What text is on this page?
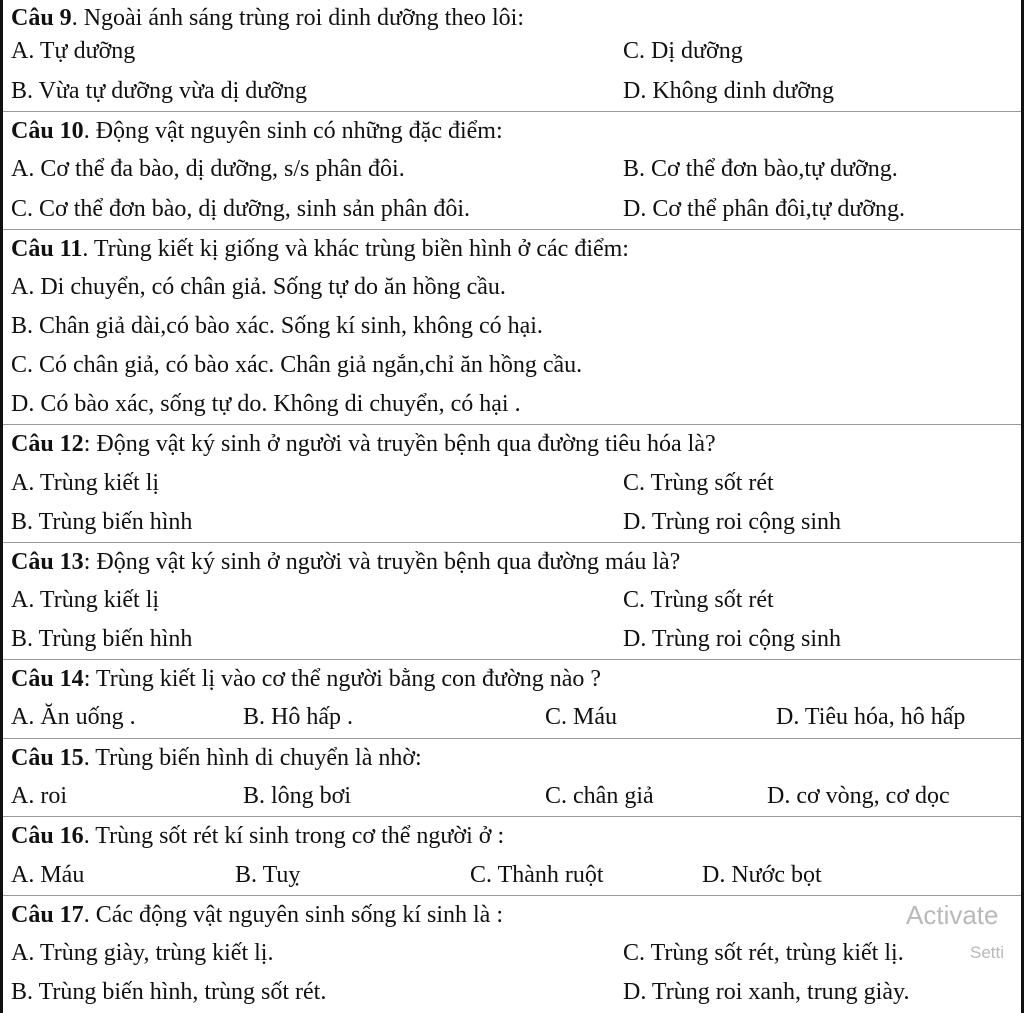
Câu 9. Ngoài ánh sáng trùng roi dinh dưỡng theo lôi:
A. Tự dưỡng	C. Dị dưỡng
B. Vừa tự dưỡng vừa dị dưỡng	D. Không dinh dưỡng
Câu 10. Động vật nguyên sinh có những đặc điểm:
A. Cơ thể đa bào, dị dưỡng, s/s phân đôi.	B. Cơ thể đơn bào,tự dưỡng.
C. Cơ thể đơn bào, dị dưỡng, sinh sản phân đôi.	D. Cơ thể phân đôi,tự dưỡng.
Câu 11. Trùng kiết kị giống và khác trùng biền hình ở các điểm:
A. Di chuyển, có chân giả. Sống tự do ăn hồng cầu.
B. Chân giả dài,có bào xác. Sống kí sinh, không có hại.
C. Có chân giả, có bào xác. Chân giả ngắn,chỉ ăn hồng cầu.
D. Có bào xác, sống tự do. Không di chuyển, có hại .
Câu 12: Động vật ký sinh ở người và truyền bệnh qua đường tiêu hóa là?
A. Trùng kiết lị	C. Trùng sốt rét
B. Trùng biến hình	D. Trùng roi cộng sinh
Câu 13: Động vật ký sinh ở người và truyền bệnh qua đường máu là?
A. Trùng kiết lị	C. Trùng sốt rét
B. Trùng biến hình	D. Trùng roi cộng sinh
Câu 14: Trùng kiết lị vào cơ thể người bằng con đường nào ?
A. Ăn uống .	B. Hô hấp .	C. Máu	D. Tiêu hóa, hô hấp
Câu 15. Trùng biến hình di chuyển là nhờ:
A. roi	B. lông bơi	C. chân giả	D. cơ vòng, cơ dọc
Câu 16. Trùng sốt rét kí sinh trong cơ thể người ở :
A. Máu	B. Tuỵ	C. Thành ruột	D. Nước bọt
Câu 17. Các động vật nguyên sinh sống kí sinh là :
A. Trùng giày, trùng kiết lị.	C. Trùng sốt rét, trùng kiết lị.
B. Trùng biến hình, trùng sốt rét.	D. Trùng roi xanh, trung giày.
Activate
Setti
